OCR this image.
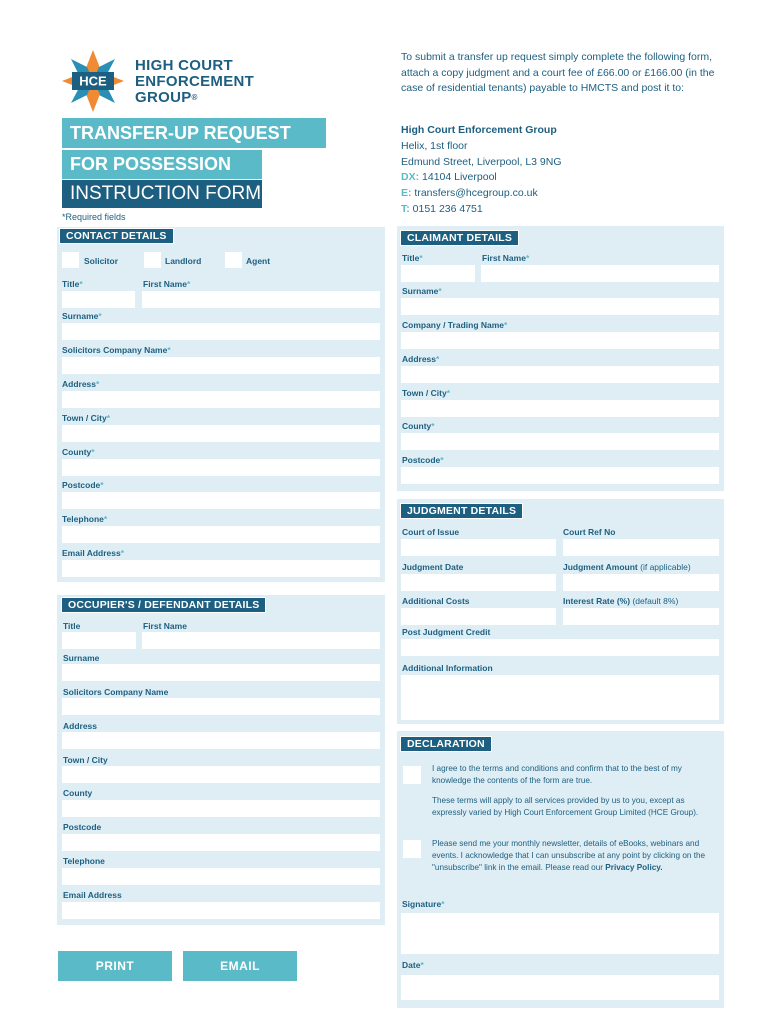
HCE
HIGH COURT
ENFORCEMENT
GROUP®
TRANSFER-UP REQUEST
FOR POSSESSION
INSTRUCTION FORM
*Required fields
To submit a transfer up request simply complete the following form, attach a copy judgment and a court fee of £66.00 or £166.00 (in the case of residential tenants) payable to HMCTS and post it to:
High Court Enforcement Group
Helix, 1st floor
Edmund Street, Liverpool, L3 9NG
DX: 14104 Liverpool
E: transfers@hcegroup.co.uk
T: 0151 236 4751
CONTACT DETAILS
Solicitor	Landlord	Agent
Title*	First Name*
Surname*
Solicitors Company Name*
Address*
Town / City*
County*
Postcode*
Telephone*
Email Address*
OCCUPIER'S / DEFENDANT DETAILS
Title	First Name
Surname
Solicitors Company Name
Address
Town / City
County
Postcode
Telephone
Email Address
PRINT	EMAIL
CLAIMANT DETAILS
Title*	First Name*
Surname*
Company / Trading Name*
Address*
Town / City*
County*
Postcode*
JUDGMENT DETAILS
Court of Issue	Court Ref No
Judgment Date	Judgment Amount (if applicable)
Additional Costs	Interest Rate (%) (default 8%)
Post Judgment Credit
Additional Information
DECLARATION
I agree to the terms and conditions and confirm that to the best of my knowledge the contents of the form are true.
These terms will apply to all services provided by us to you, except as expressly varied by High Court Enforcement Group Limited (HCE Group).
Please send me your monthly newsletter, details of eBooks, webinars and events. I acknowledge that I can unsubscribe at any point by clicking on the "unsubscribe" link in the email. Please read our Privacy Policy.
Signature*
Date*
